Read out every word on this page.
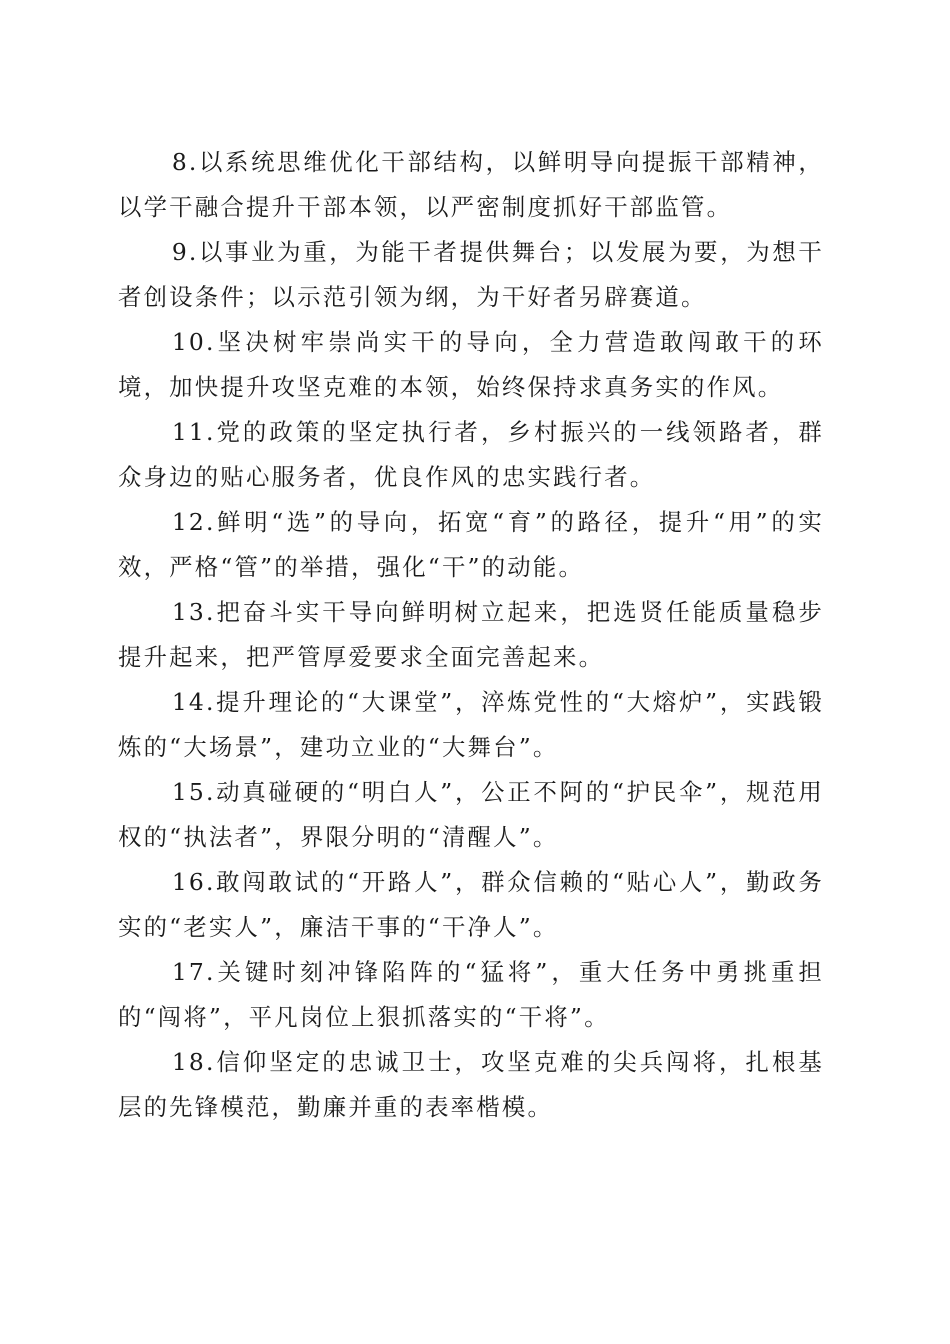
8.以系统思维优化干部结构，以鲜明导向提振干部精神，以学干融合提升干部本领，以严密制度抓好干部监管。

9.以事业为重，为能干者提供舞台；以发展为要，为想干者创设条件；以示范引领为纲，为干好者另辟赛道。

10.坚决树牢崇尚实干的导向，全力营造敢闯敢干的环境，加快提升攻坚克难的本领，始终保持求真务实的作风。

11.党的政策的坚定执行者，乡村振兴的一线领路者，群众身边的贴心服务者，优良作风的忠实践行者。

12.鲜明“选”的导向，拓宽“育”的路径，提升“用”的实效，严格“管”的举措，强化“干”的动能。

13.把奋斗实干导向鲜明树立起来，把选贤任能质量稳步提升起来，把严管厚爱要求全面完善起来。

14.提升理论的“大课堂”，淬炼党性的“大熔炉”，实践锻炼的“大场景”，建功立业的“大舞台”。

15.动真碰硬的“明白人”，公正不阿的“护民伞”，规范用权的“执法者”，界限分明的“清醒人”。

16.敢闯敢试的“开路人”，群众信赖的“贴心人”，勤政务实的“老实人”，廉洁干事的“干净人”。

17.关键时刻冲锋陷阵的“猛将”，重大任务中勇挑重担的“闯将”，平凡岗位上狠抓落实的“干将”。

18.信仰坚定的忠诚卫士，攻坚克难的尖兵闯将，扎根基层的先锋模范，勤廉并重的表率楷模。
